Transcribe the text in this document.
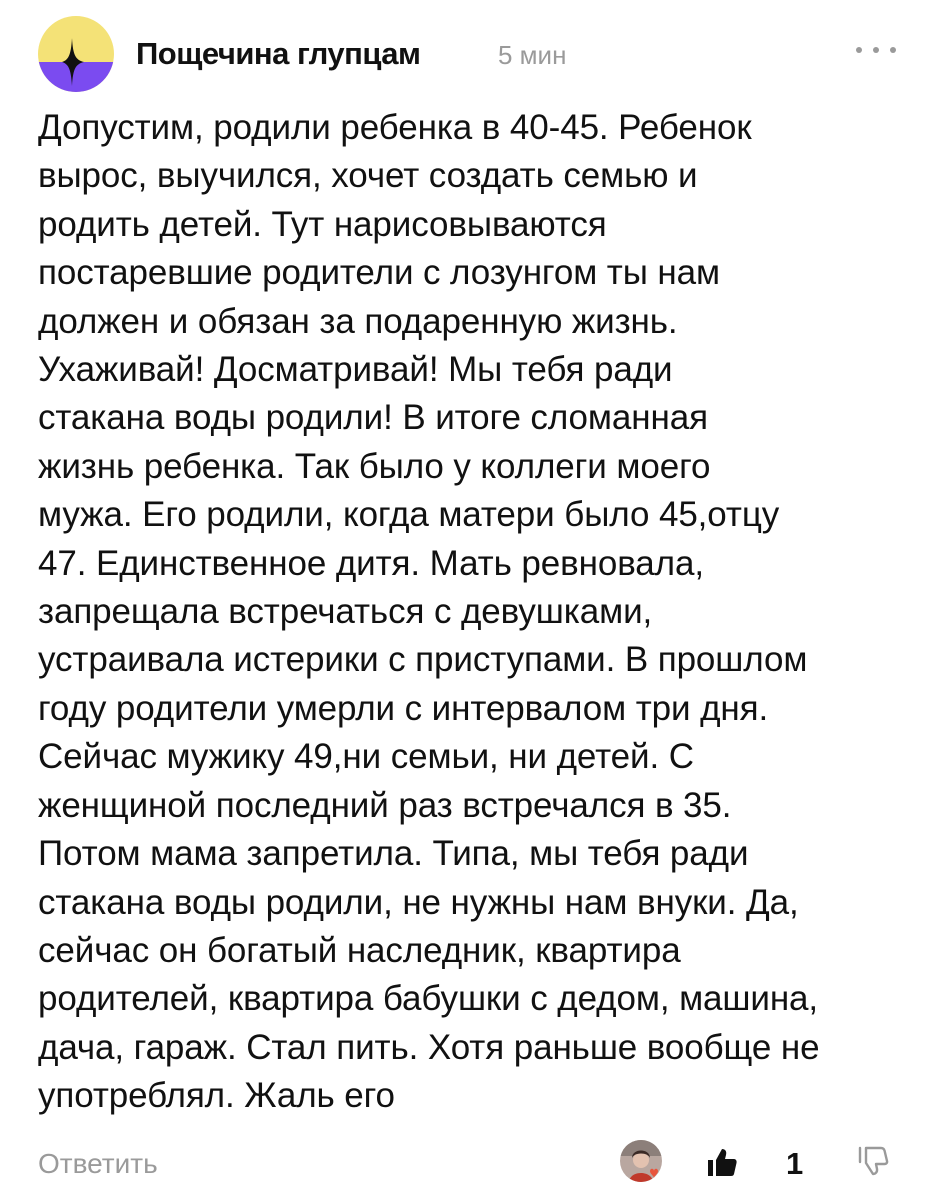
Пощечина глупцам	5 мин
Допустим, родили ребенка в 40-45. Ребенок
вырос, выучился, хочет создать семью и
родить детей. Тут нарисовываются
постаревшие родители с лозунгом ты нам
должен и обязан за подаренную жизнь.
Ухаживай! Досматривай! Мы тебя ради
стакана воды родили! В итоге сломанная
жизнь ребенка. Так было у коллеги моего
мужа. Его родили, когда матери было 45,отцу
47. Единственное дитя. Мать ревновала,
запрещала встречаться с девушками,
устраивала истерики с приступами. В прошлом
году родители умерли с интервалом три дня.
Сейчас мужику 49,ни семьи, ни детей. С
женщиной последний раз встречался в 35.
Потом мама запретила. Типа, мы тебя ради
стакана воды родили, не нужны нам внуки. Да,
сейчас он богатый наследник, квартира
родителей, квартира бабушки с дедом, машина,
дача, гараж. Стал пить. Хотя раньше вообще не
употреблял. Жаль его
Ответить	1
